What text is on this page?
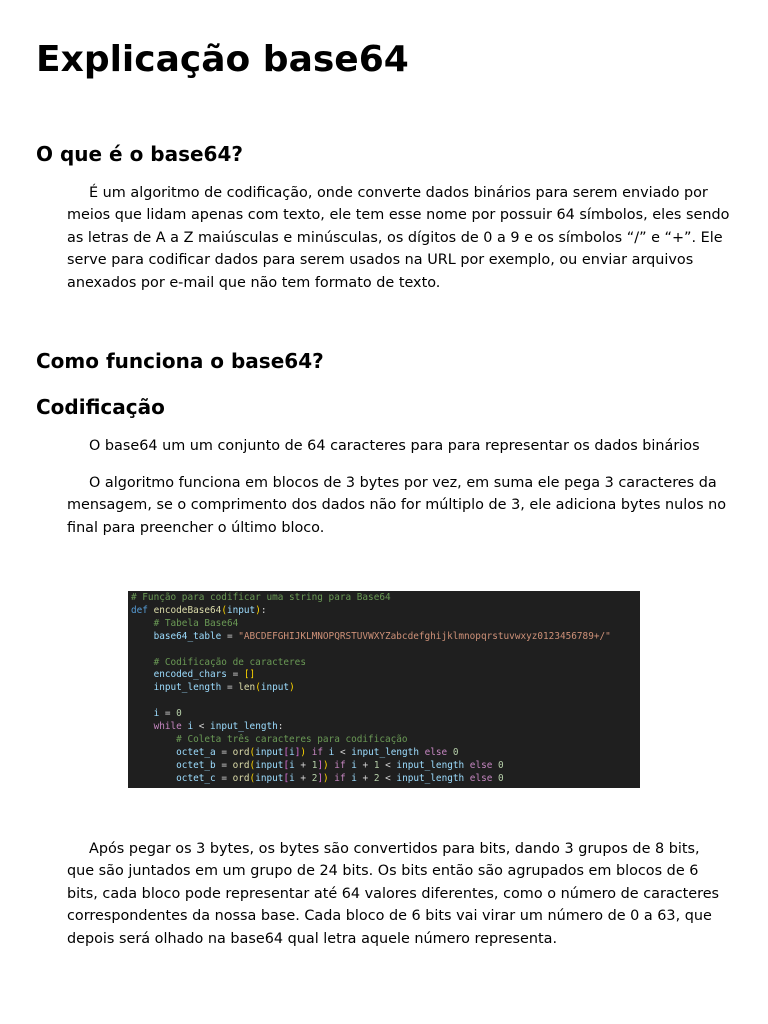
Explicação base64
O que é o base64?

É um algoritmo de codificação, onde converte dados binários para serem enviado por meios que lidam apenas com texto, ele tem esse nome por possuir 64 símbolos, eles sendo as letras de A a Z maiúsculas e minúsculas, os dígitos de 0 a 9 e os símbolos “/” e “+”. Ele serve para codificar dados para serem usados na URL por exemplo, ou enviar arquivos anexados por e-mail que não tem formato de texto.

Como funciona o base64?
Codificação

O base64 um um conjunto de 64 caracteres para para representar os dados binários

O algoritmo funciona em blocos de 3 bytes por vez, em suma ele pega 3 caracteres da mensagem, se o comprimento dos dados não for múltiplo de 3, ele adiciona bytes nulos no final para preencher o último bloco.

# Função para codificar uma string para Base64
def encodeBase64(input):
# Tabela Base64
base64_table = "ABCDEFGHIJKLMNOPQRSTUVWXYZabcdefghijklmnopqrstuvwxyz0123456789+/"
# Codificação de caracteres
encoded_chars = []
input_length = len(input)
i = 0
while i < input_length:
# Coleta três caracteres para codificação
octet_a = ord(input[i]) if i < input_length else 0
octet_b = ord(input[i + 1]) if i + 1 < input_length else 0
octet_c = ord(input[i + 2]) if i + 2 < input_length else 0

Após pegar os 3 bytes, os bytes são convertidos para bits, dando 3 grupos de 8 bits, que são juntados em um grupo de 24 bits. Os bits então são agrupados em blocos de 6 bits, cada bloco pode representar até 64 valores diferentes, como o número de caracteres correspondentes da nossa base. Cada bloco de 6 bits vai virar um número de 0 a 63, que depois será olhado na base64 qual letra aquele número representa.
